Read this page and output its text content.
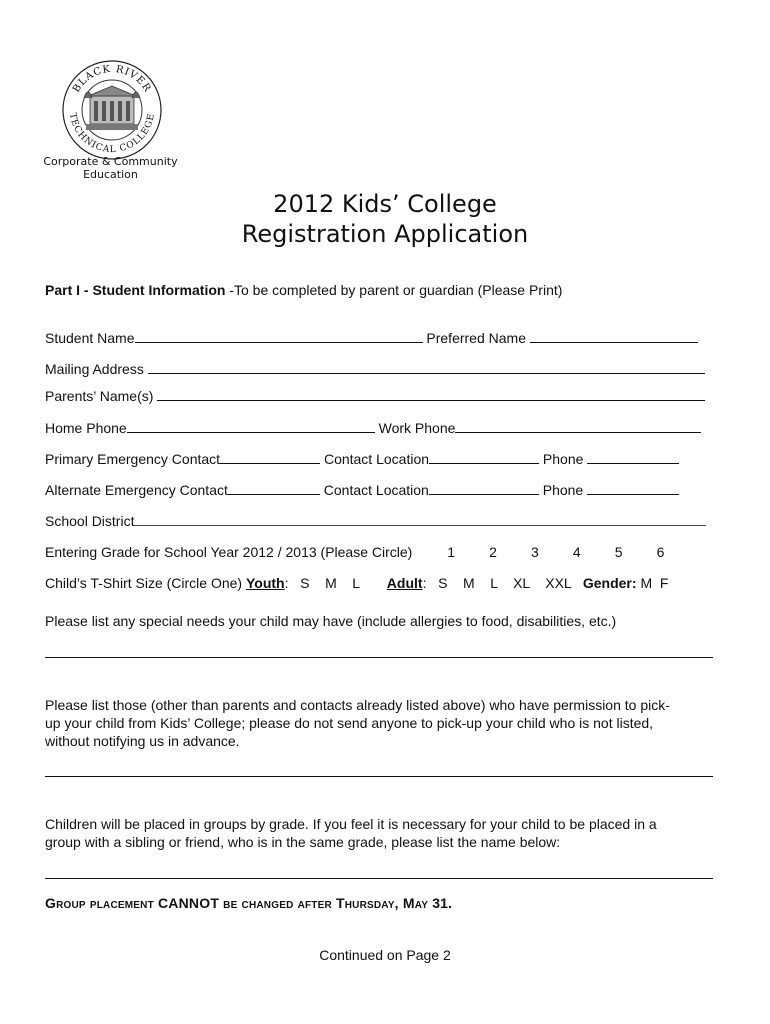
BLACK RIVER
TECHNICAL COLLEGE
Corporate & Community
Education
2012 Kids’ College
Registration Application
Part I - Student Information -To be completed by parent or guardian (Please Print)
Student Name	Preferred Name
Mailing Address
Parents’ Name(s)
Home Phone	Work Phone
Primary Emergency Contact	Contact Location	Phone
Alternate Emergency Contact	Contact Location	Phone
School District
Entering Grade for School Year 2012 / 2013 (Please Circle) 1 2 3 4 5 6
Child’s T-Shirt Size (Circle One) Youth:   S    M    L Adult:   S    M    L    XL    XXL Gender: M  F
Please list any special needs your child may have (include allergies to food, disabilities, etc.)
Please list those (other than parents and contacts already listed above) who have permission to pick-
up your child from Kids’ College; please do not send anyone to pick-up your child who is not listed,
without notifying us in advance.
Children will be placed in groups by grade. If you feel it is necessary for your child to be placed in a
group with a sibling or friend, who is in the same grade, please list the name below:
Group placement CANNOT be changed after Thursday, May 31.
Continued on Page 2
